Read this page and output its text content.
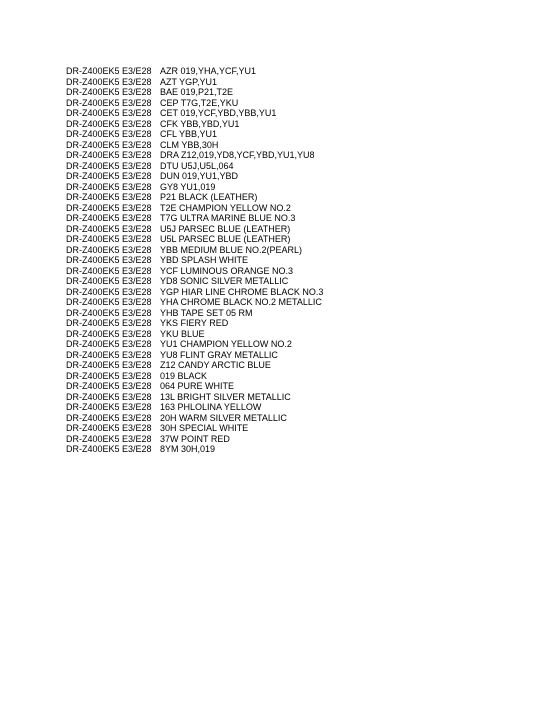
DR-Z400EK5 E3/E28 AZR 019,YHA,YCF,YU1
DR-Z400EK5 E3/E28 AZT YGP,YU1
DR-Z400EK5 E3/E28 BAE 019,P21,T2E
DR-Z400EK5 E3/E28 CEP T7G,T2E,YKU
DR-Z400EK5 E3/E28 CET 019,YCF,YBD,YBB,YU1
DR-Z400EK5 E3/E28 CFK YBB,YBD,YU1
DR-Z400EK5 E3/E28 CFL YBB,YU1
DR-Z400EK5 E3/E28 CLM YBB,30H
DR-Z400EK5 E3/E28 DRA Z12,019,YD8,YCF,YBD,YU1,YU8
DR-Z400EK5 E3/E28 DTU U5J,U5L,064
DR-Z400EK5 E3/E28 DUN 019,YU1,YBD
DR-Z400EK5 E3/E28 GY8 YU1,019
DR-Z400EK5 E3/E28 P21 BLACK (LEATHER)
DR-Z400EK5 E3/E28 T2E CHAMPION YELLOW NO.2
DR-Z400EK5 E3/E28 T7G ULTRA MARINE BLUE NO.3
DR-Z400EK5 E3/E28 U5J PARSEC BLUE (LEATHER)
DR-Z400EK5 E3/E28 U5L PARSEC BLUE (LEATHER)
DR-Z400EK5 E3/E28 YBB MEDIUM BLUE NO.2(PEARL)
DR-Z400EK5 E3/E28 YBD SPLASH WHITE
DR-Z400EK5 E3/E28 YCF LUMINOUS ORANGE NO.3
DR-Z400EK5 E3/E28 YD8 SONIC SILVER METALLIC
DR-Z400EK5 E3/E28 YGP HIAR LINE CHROME BLACK NO.3
DR-Z400EK5 E3/E28 YHA CHROME BLACK NO.2 METALLIC
DR-Z400EK5 E3/E28 YHB TAPE SET 05 RM
DR-Z400EK5 E3/E28 YKS FIERY RED
DR-Z400EK5 E3/E28 YKU BLUE
DR-Z400EK5 E3/E28 YU1 CHAMPION YELLOW NO.2
DR-Z400EK5 E3/E28 YU8 FLINT GRAY METALLIC
DR-Z400EK5 E3/E28 Z12 CANDY ARCTIC BLUE
DR-Z400EK5 E3/E28 019 BLACK
DR-Z400EK5 E3/E28 064 PURE WHITE
DR-Z400EK5 E3/E28 13L BRIGHT SILVER METALLIC
DR-Z400EK5 E3/E28 163 PHLOLINA YELLOW
DR-Z400EK5 E3/E28 20H WARM SILVER METALLIC
DR-Z400EK5 E3/E28 30H SPECIAL WHITE
DR-Z400EK5 E3/E28 37W POINT RED
DR-Z400EK5 E3/E28 8YM 30H,019
